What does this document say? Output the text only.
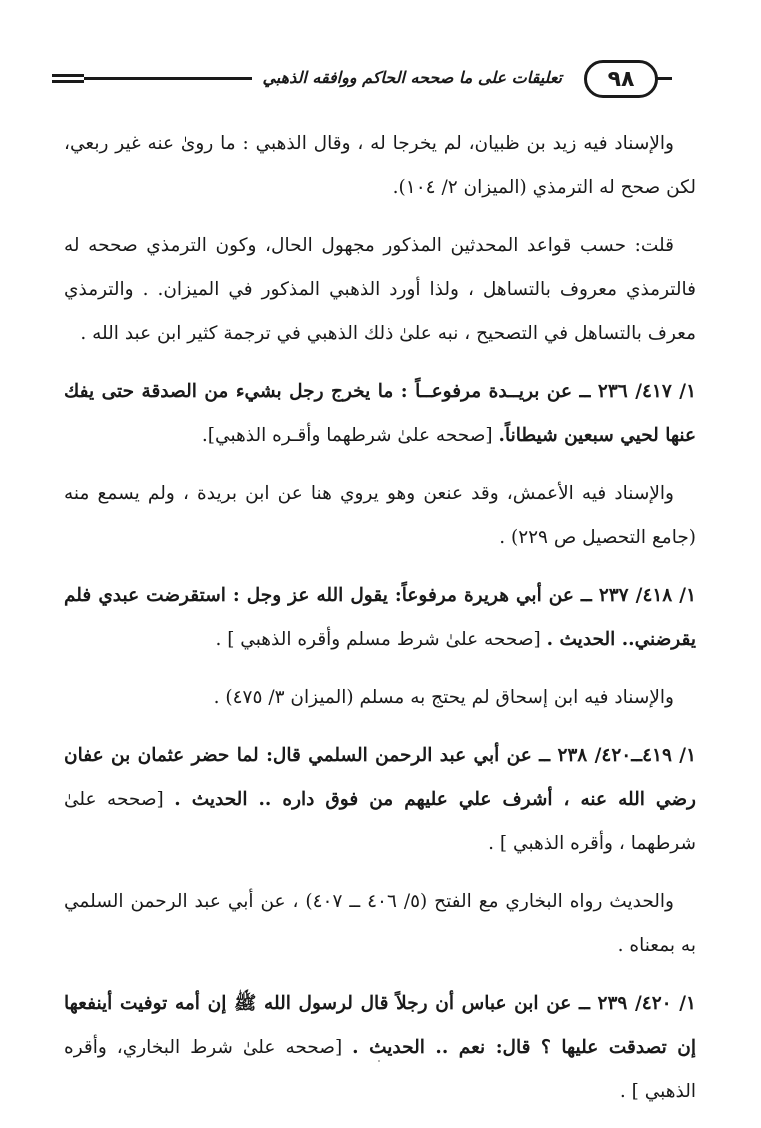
تعليقات على ما صححه الحاكم ووافقه الذهبي	٩٨

والإسناد فيه زيد بن ظبيان، لم يخرجا له ، وقال الذهبي : ما روىٰ عنه غير ربعي، لكن صحح له الترمذي (الميزان ٢/ ١٠٤).

قلت: حسب قواعد المحدثين المذكور مجهول الحال، وكون الترمذي صححه له فالترمذي معروف بالتساهل ، ولذا أورد الذهبي المذكور في الميزان. . والترمذي معرف بالتساهل في التصحيح ، نبه علىٰ ذلك الذهبي في ترجمة كثير ابن عبد الله .

١/ ٤١٧/ ٢٣٦ ــ عن بريــدة مرفوعــاً : ما يخرج رجل بشيء من الصدقة حتى يفك عنها لحيي سبعين شيطاناً. [صححه علىٰ شرطهما وأقـره الذهبي].

والإسناد فيه الأعمش، وقد عنعن وهو يروي هنا عن ابن بريدة ، ولم يسمع منه (جامع التحصيل ص ٢٢٩) .

١/ ٤١٨/ ٢٣٧ ــ عن أبي هريرة مرفوعاً: يقول الله عز وجل : استقرضت عبدي فلم يقرضني.. الحديث . [صححه علىٰ شرط مسلم وأقره الذهبي ] .

والإسناد فيه ابن إسحاق لم يحتج به مسلم (الميزان ٣/ ٤٧٥) .

١/ ٤١٩ــ٤٢٠/ ٢٣٨ ــ عن أبي عبد الرحمن السلمي قال: لما حضر عثمان بن عفان رضي الله عنه ، أشرف علي عليهم من فوق داره .. الحديث . [صححه علىٰ شرطهما ، وأقره الذهبي ] .

والحديث رواه البخاري مع الفتح (٥/ ٤٠٦ ــ ٤٠٧) ، عن أبي عبد الرحمن السلمي به بمعناه .

١/ ٤٢٠/ ٢٣٩ ــ عن ابن عباس أن رجلاً قال لرسول الله ﷺ إن أمه توفيت أينفعها إن تصدقت عليها ؟ قال: نعم .. الحديث . [صححه علىٰ شرط البخاري، وأقره الذهبي ] .
